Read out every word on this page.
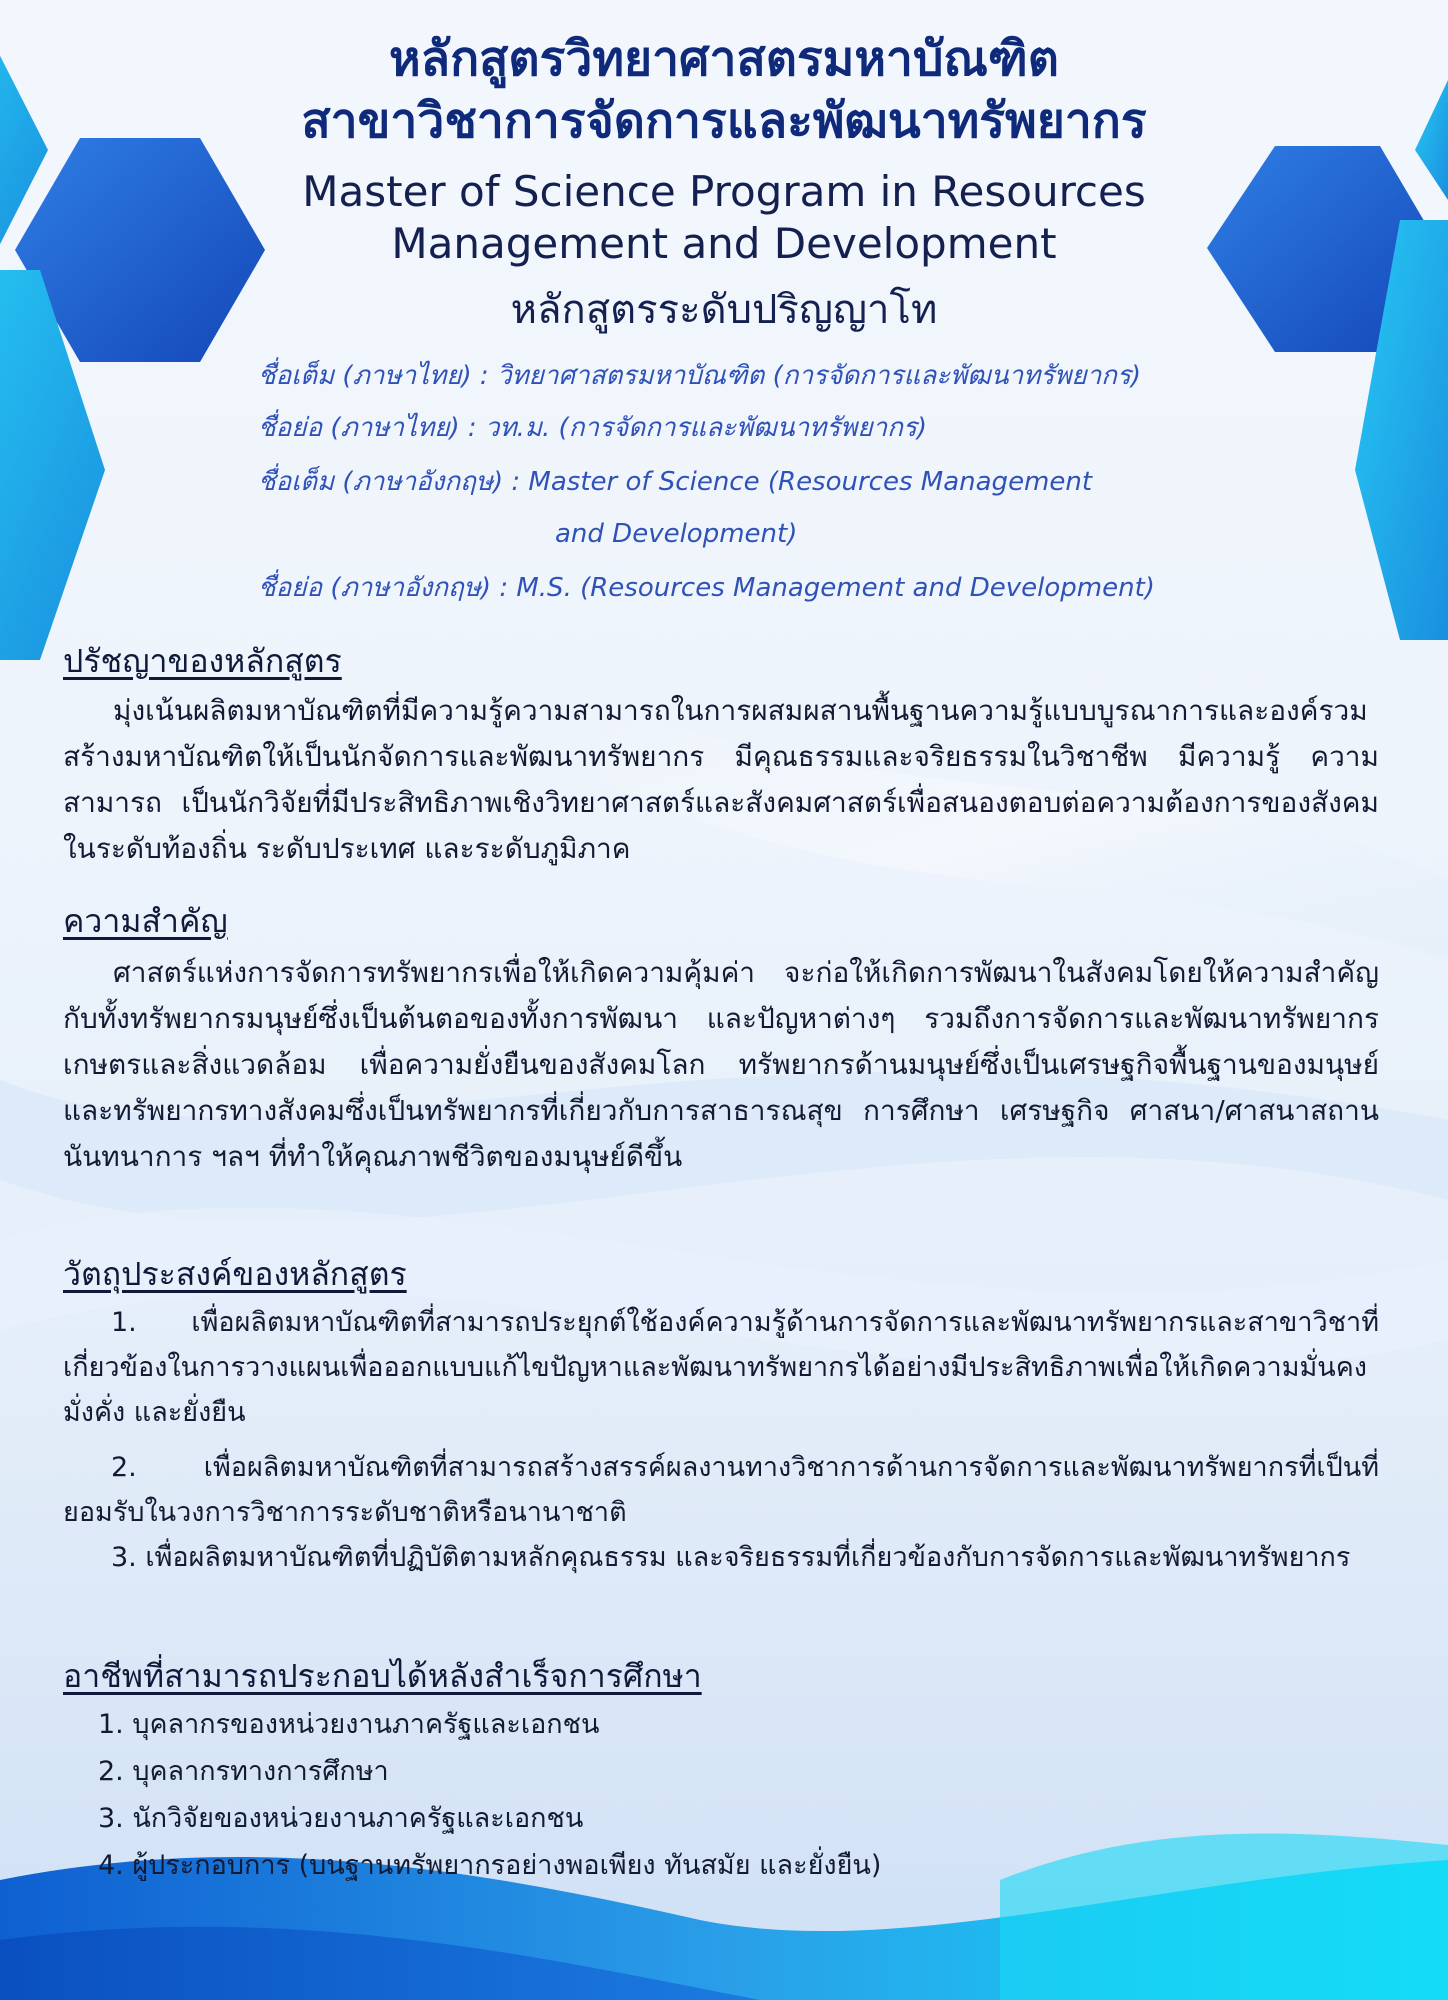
หลักสูตรวิทยาศาสตรมหาบัณฑิต
สาขาวิชาการจัดการและพัฒนาทรัพยากร
Master of Science Program in Resources
Management and Development
หลักสูตรระดับปริญญาโท
ชื่อเต็ม (ภาษาไทย) : วิทยาศาสตรมหาบัณฑิต (การจัดการและพัฒนาทรัพยากร)
ชื่อย่อ (ภาษาไทย) : วท.ม. (การจัดการและพัฒนาทรัพยากร)
ชื่อเต็ม (ภาษาอังกฤษ) : Master of Science (Resources Management
and Development)
ชื่อย่อ (ภาษาอังกฤษ) : M.S. (Resources Management and Development)
ปรัชญาของหลักสูตร

มุ่งเน้นผลิตมหาบัณฑิตที่มีความรู้ความสามารถในการผสมผสานพื้นฐานความรู้แบบบูรณาการและองค์รวม สร้างมหาบัณฑิตให้เป็นนักจัดการและพัฒนาทรัพยากร มีคุณธรรมและจริยธรรมในวิชาชีพ มีความรู้ ความสามารถ เป็นนักวิจัยที่มีประสิทธิภาพเชิงวิทยาศาสตร์และสังคมศาสตร์เพื่อสนองตอบต่อความต้องการของสังคมในระดับท้องถิ่น ระดับประเทศ และระดับภูมิภาค

ความสำคัญ

ศาสตร์แห่งการจัดการทรัพยากรเพื่อให้เกิดความคุ้มค่า จะก่อให้เกิดการพัฒนาในสังคมโดยให้ความสำคัญกับทั้งทรัพยากรมนุษย์ซึ่งเป็นต้นตอของทั้งการพัฒนา และปัญหาต่างๆ รวมถึงการจัดการและพัฒนาทรัพยากรเกษตรและสิ่งแวดล้อม เพื่อความยั่งยืนของสังคมโลก ทรัพยากรด้านมนุษย์ซึ่งเป็นเศรษฐกิจพื้นฐานของมนุษย์และทรัพยากรทางสังคมซึ่งเป็นทรัพยากรที่เกี่ยวกับการสาธารณสุข การศึกษา เศรษฐกิจ ศาสนา/ศาสนาสถาน นันทนาการ ฯลฯ ที่ทำให้คุณภาพชีวิตของมนุษย์ดีขึ้น

วัตถุประสงค์ของหลักสูตร

1. เพื่อผลิตมหาบัณฑิตที่สามารถประยุกต์ใช้องค์ความรู้ด้านการจัดการและพัฒนาทรัพยากรและสาขาวิชาที่เกี่ยวข้องในการวางแผนเพื่อออกแบบแก้ไขปัญหาและพัฒนาทรัพยากรได้อย่างมีประสิทธิภาพเพื่อให้เกิดความมั่นคง มั่งคั่ง และยั่งยืน

2. เพื่อผลิตมหาบัณฑิตที่สามารถสร้างสรรค์ผลงานทางวิชาการด้านการจัดการและพัฒนาทรัพยากรที่เป็นที่ยอมรับในวงการวิชาการระดับชาติหรือนานาชาติ

3. เพื่อผลิตมหาบัณฑิตที่ปฏิบัติตามหลักคุณธรรม และจริยธรรมที่เกี่ยวข้องกับการจัดการและพัฒนาทรัพยากร

อาชีพที่สามารถประกอบได้หลังสำเร็จการศึกษา
1. บุคลากรของหน่วยงานภาครัฐและเอกชน
2. บุคลากรทางการศึกษา
3. นักวิจัยของหน่วยงานภาครัฐและเอกชน
4. ผู้ประกอบการ (บนฐานทรัพยากรอย่างพอเพียง ทันสมัย และยั่งยืน)
